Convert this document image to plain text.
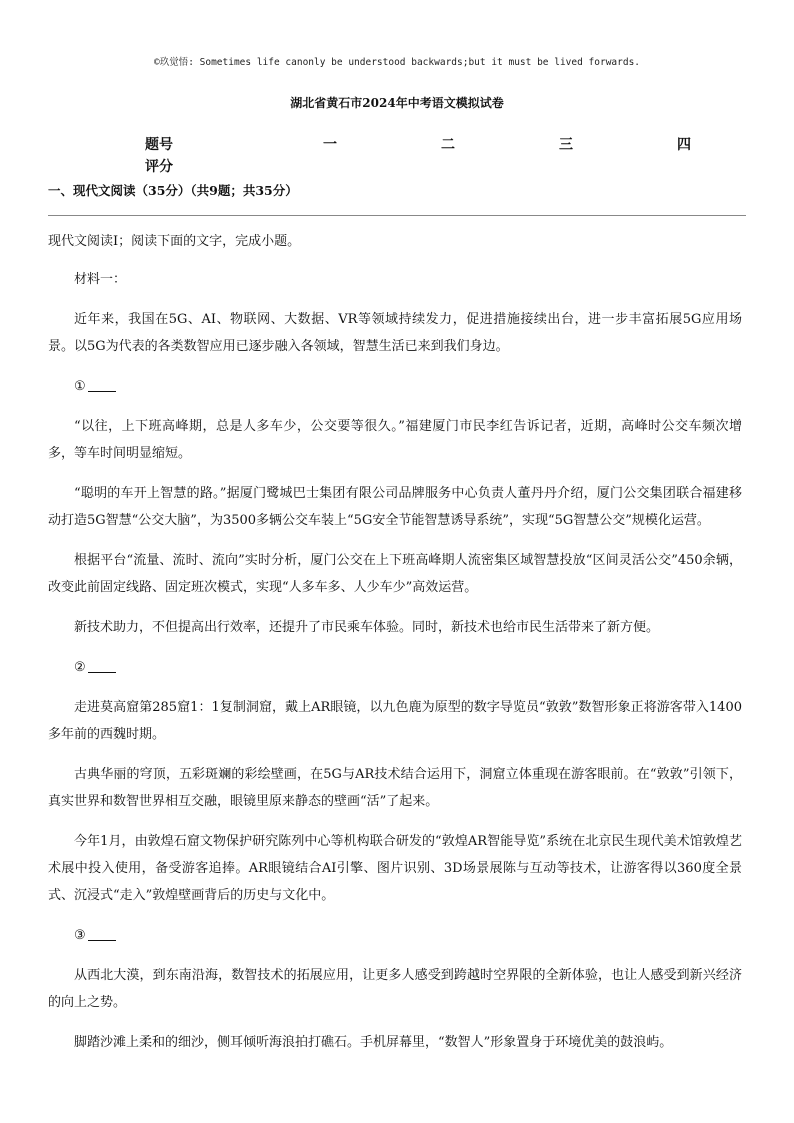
©玖觉悟: Sometimes life canonly be understood backwards;but it must be lived forwards.
湖北省黄石市2024年中考语文模拟试卷
题号	一	二	三	四
评分
一、现代文阅读（35分）（共9题；共35分）

现代文阅读I；阅读下面的文字，完成小题。

材料一：

近年来，我国在5G、AI、物联网、大数据、VR等领域持续发力，促进措施接续出台，进一步丰富拓展5G应用场景。以5G为代表的各类数智应用已逐步融入各领域，智慧生活已来到我们身边。

①

“以往，上下班高峰期，总是人多车少，公交要等很久。”福建厦门市民李红告诉记者，近期，高峰时公交车频次增多，等车时间明显缩短。

“聪明的车开上智慧的路。”据厦门鹭城巴士集团有限公司品牌服务中心负责人董丹丹介绍，厦门公交集团联合福建移动打造5G智慧“公交大脑”，为3500多辆公交车装上“5G安全节能智慧诱导系统”，实现“5G智慧公交”规模化运营。

根据平台“流量、流时、流向”实时分析，厦门公交在上下班高峰期人流密集区域智慧投放“区间灵活公交”450余辆，改变此前固定线路、固定班次模式，实现“人多车多、人少车少”高效运营。

新技术助力，不但提高出行效率，还提升了市民乘车体验。同时，新技术也给市民生活带来了新方便。

②

走进莫高窟第285窟1：1复制洞窟，戴上AR眼镜，以九色鹿为原型的数字导览员“敦敦”数智形象正将游客带入1400多年前的西魏时期。

古典华丽的穹顶，五彩斑斓的彩绘壁画，在5G与AR技术结合运用下，洞窟立体重现在游客眼前。在“敦敦”引领下，真实世界和数智世界相互交融，眼镜里原来静态的壁画“活”了起来。

今年1月，由敦煌石窟文物保护研究陈列中心等机构联合研发的“敦煌AR智能导览”系统在北京民生现代美术馆敦煌艺术展中投入使用，备受游客追捧。AR眼镜结合AI引擎、图片识别、3D场景展陈与互动等技术，让游客得以360度全景式、沉浸式“走入”敦煌壁画背后的历史与文化中。

③

从西北大漠，到东南沿海，数智技术的拓展应用，让更多人感受到跨越时空界限的全新体验，也让人感受到新兴经济的向上之势。

脚踏沙滩上柔和的细沙，侧耳倾听海浪拍打礁石。手机屏幕里，“数智人”形象置身于环境优美的鼓浪屿。
